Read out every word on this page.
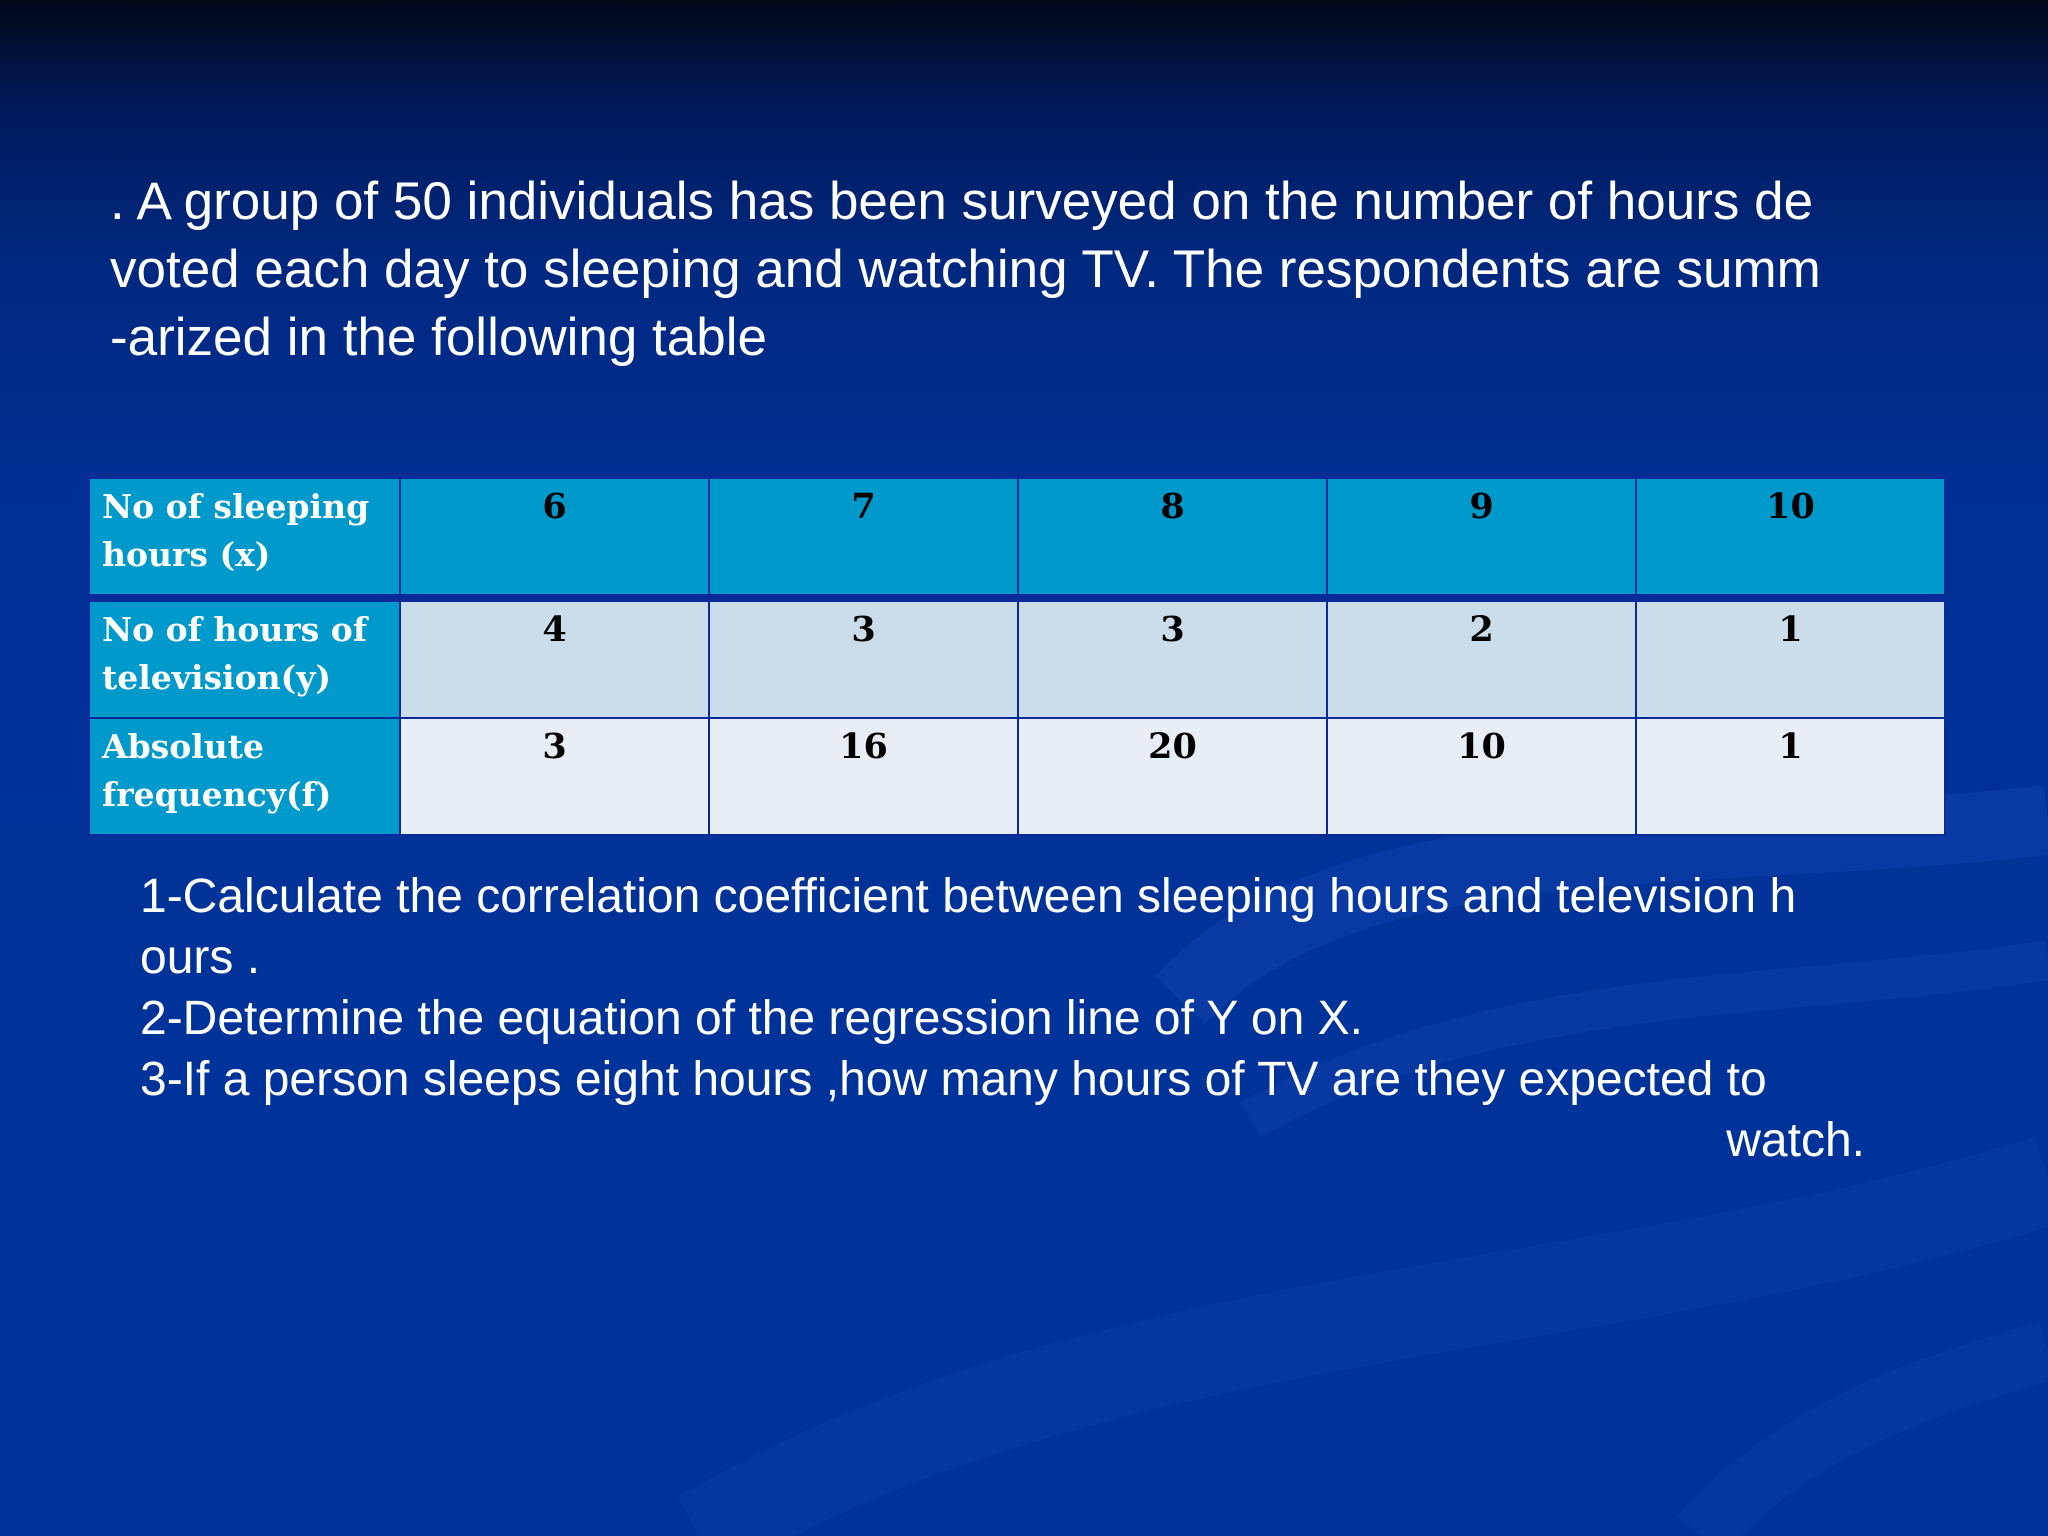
. A group of 50 individuals has been surveyed on the number of hours de
voted each day to sleeping and watching TV. The respondents are summ
-arized in the following table

No of sleeping
hours (x)	6	7	8	9	10
No of hours of
television(y)	4	3	3	2	1
Absolute
frequency(f)	3	16	20	10	1
1-Calculate the correlation coefficient between sleeping hours and television h
ours .
2-Determine the equation of the regression line of Y on X.
3-If a person sleeps eight hours ,how many hours of TV are they expected to
watch.
